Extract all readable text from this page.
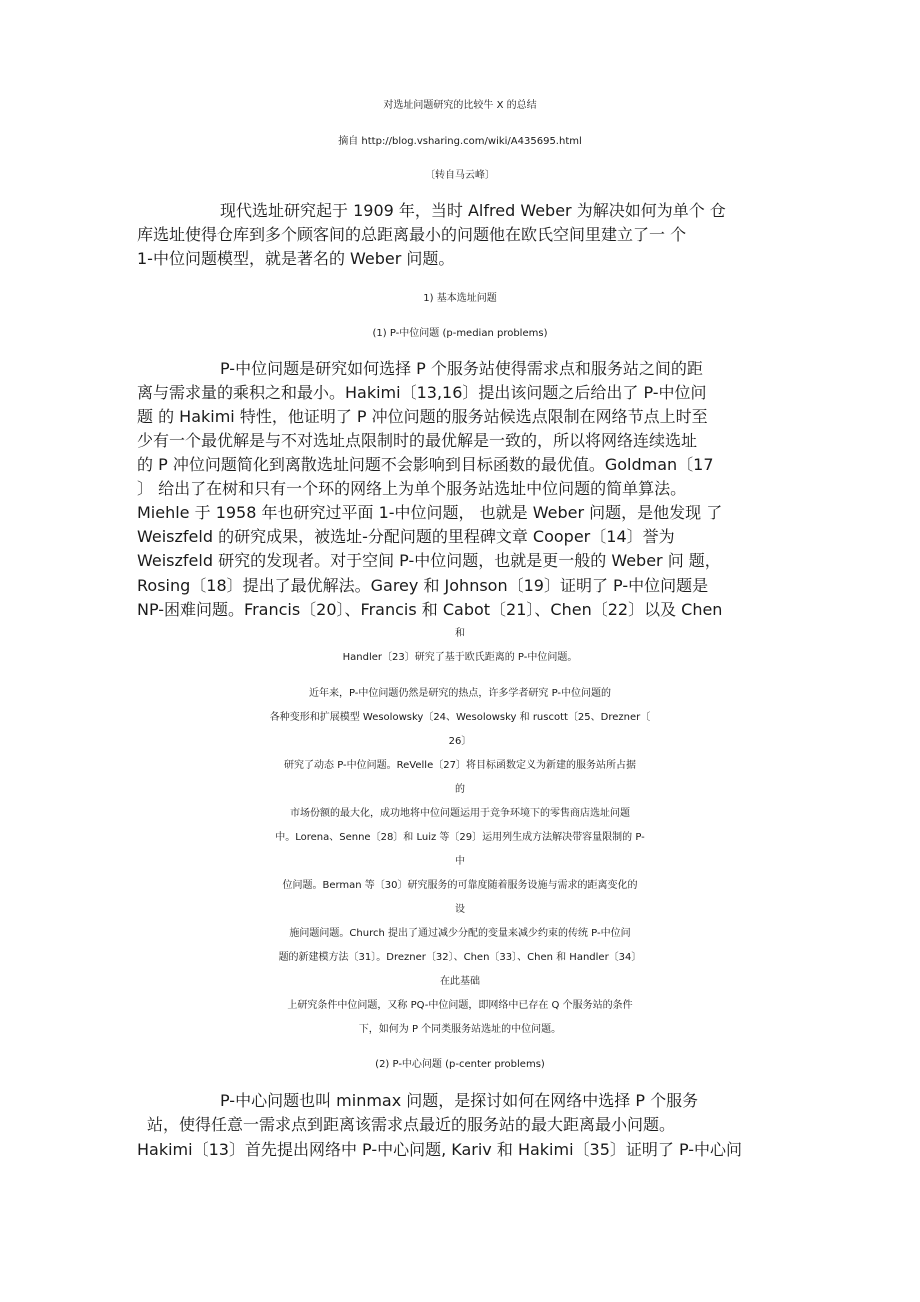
对选址问题研究的比较牛 X 的总结
摘自 http://blog.vsharing.com/wiki/A435695.html
〔转自马云峰〕
现代选址研究起于 1909 年，当时 Alfred Weber 为解决如何为单个 仓
库选址使得仓库到多个顾客间的总距离最小的问题他在欧氏空间里建立了一 个
1-中位问题模型，就是著名的 Weber 问题。
1) 基本选址问题
(1) P-中位问题 (p-median problems)
P-中位问题是研究如何选择 P 个服务站使得需求点和服务站之间的距
离与需求量的乘积之和最小。Hakimi〔13,16〕提出该问题之后给出了 P-中位问
题 的 Hakimi 特性，他证明了 P 冲位问题的服务站候选点限制在网络节点上时至
少有一个最优解是与不对选址点限制时的最优解是一致的，所以将网络连续选址
的 P 冲位问题简化到离散选址问题不会影响到目标函数的最优值。Goldman〔17
〕 给出了在树和只有一个环的网络上为单个服务站选址中位问题的简单算法。
Miehle 于 1958 年也研究过平面 1-中位问题， 也就是 Weber 问题，是他发现 了
Weiszfeld 的研究成果，被选址-分配问题的里程碑文章 Cooper〔14〕誉为
Weiszfeld 研究的发现者。对于空间 P-中位问题，也就是更一般的 Weber 问 题，
Rosing〔18〕提出了最优解法。Garey 和 Johnson〔19〕证明了 P-中位问题是
NP-困难问题。Francis〔20〕、Francis 和 Cabot〔21〕、Chen〔22〕以及 Chen
和
Handler〔23〕研究了基于欧氏距离的 P-中位问题。
近年来，P-中位问题仍然是研究的热点，许多学者研究 P-中位问题的
各种变形和扩展模型 Wesolowsky〔24、Wesolowsky 和 ruscott〔25、Drezner〔
26〕
研究了动态 P-中位问题。ReVelle〔27〕将目标函数定义为新建的服务站所占据
的
市场份额的最大化，成功地将中位问题运用于竞争环境下的零售商店选址问题
中。Lorena、Senne〔28〕和 Luiz 等〔29〕运用列生成方法解决带容量限制的 P-
中
位问题。Berman 等〔30〕研究服务的可靠度随着服务设施与需求的距离变化的
设
施问题问题。Church 提出了通过减少分配的变量来减少约束的传统 P-中位问
题的新建模方法〔31〕。Drezner〔32〕、Chen〔33〕、Chen 和 Handler〔34〕
在此基础
上研究条件中位问题，又称 PQ-中位问题，即网络中已存在 Q 个服务站的条件
下，如何为 P 个同类服务站选址的中位问题。
(2) P-中心问题 (p-center problems)
P-中心问题也叫 minmax 问题，是探讨如何在网络中选择 P 个服务
站，使得任意一需求点到距离该需求点最近的服务站的最大距离最小问题。
Hakimi〔13〕首先提出网络中 P-中心问题, Kariv 和 Hakimi〔35〕证明了 P-中心问
